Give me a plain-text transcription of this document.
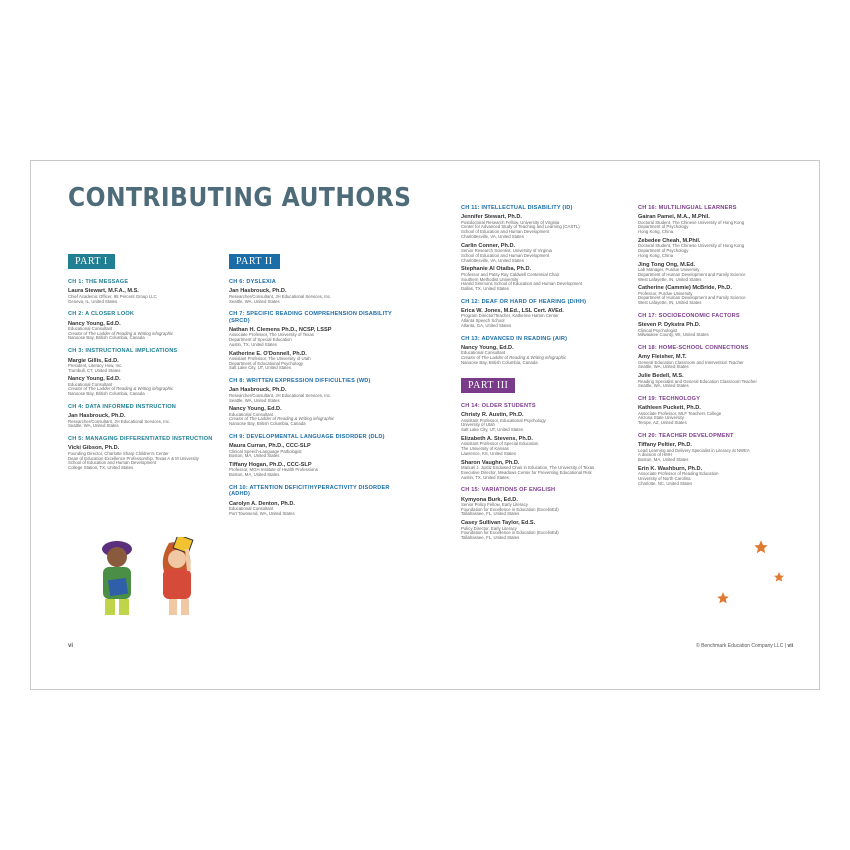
CONTRIBUTING AUTHORS
PART I
CH 1: THE MESSAGE
Laura Stewart, M.F.A., M.S.
Chief Academic Officer, 95 Percent Group LLC
Geneva, IL, United States
CH 2: A CLOSER LOOK
Nancy Young, Ed.D.
Educational Consultant
Creator of The Ladder of Reading & Writing infographic
Nanoose Bay, British Columbia, Canada
CH 3: INSTRUCTIONAL IMPLICATIONS
Margie Gillis, Ed.D.
President, Literacy How, Inc.
Trumbull, CT, United States
Nancy Young, Ed.D.
Educational Consultant
Creator of The Ladder of Reading & Writing infographic
Nanoose Bay, British Columbia, Canada
CH 4: DATA INFORMED INSTRUCTION
Jan Hasbrouck, Ph.D.
Researcher/Consultant, JH Educational Services, Inc.
Seattle, WA, United States
CH 5: MANAGING DIFFERENTIATED INSTRUCTION
Vicki Gibson, Ph.D.
Founding Director, Charlotte Sharp Children's Center
Dean of Education Excellence Professorship, Texas A & M University
School of Education and Human Development
College Station, TX, United States
PART II
CH 6: DYSLEXIA
Jan Hasbrouck, Ph.D.
Researcher/Consultant, JH Educational Services, Inc.
Seattle, WA, United States
CH 7: SPECIFIC READING COMPREHENSION DISABILITY (SRCD)
Nathan H. Clemens Ph.D., NCSP, LSSP
Associate Professor, The University of Texas
Department of Special Education
Austin, TX, United States
Katherine E. O'Donnell, Ph.D.
Assistant Professor, The University of Utah
Department of Educational Psychology
Salt Lake City, UT, United States
CH 8: WRITTEN EXPRESSION DIFFICULTIES (WD)
Jan Hasbrouck, Ph.D.
Researcher/Consultant, JH Educational Services, Inc.
Seattle, WA, United States
Nancy Young, Ed.D.
Educational Consultant
Creator of The Ladder of Reading & Writing infographic
Nanoose Bay, British Columbia, Canada
CH 9: DEVELOPMENTAL LANGUAGE DISORDER (DLD)
Maura Curran, Ph.D., CCC-SLP
Clinical Speech-Language Pathologist
Boston, MA, United States
Tiffany Hogan, Ph.D., CCC-SLP
Professor, MGH Institute of Health Professions
Boston, MA, United States
CH 10: ATTENTION DEFICIT/HYPERACTIVITY DISORDER (ADHD)
Carolyn A. Denton, Ph.D.
Educational Consultant
Port Townsend, WA, United States
CH 11: INTELLECTUAL DISABILITY (ID)
Jennifer Stewart, Ph.D.
Postdoctoral Research Fellow, University of Virginia
Center for Advanced Study of Teaching and Learning (CASTL)
School of Education and Human Development
Charlottesville, VA, United States
Carlin Conner, Ph.D.
Senior Research Scientist, University of Virginia
School of Education and Human Development
Charlottesville, VA, United States
Stephanie Al Otaiba, Ph.D.
Professor and Patsy Ray Caldwell Centennial Chair
Southern Methodist University
Harold Simmons School of Education and Human Development
Dallas, TX, United States
CH 12: DEAF OR HARD OF HEARING (D/HH)
Erica W. Jones, M.Ed., LSL Cert. AVEd.
Program Director/Teacher, Katherine Hamm Center
Atlanta Speech School
Atlanta, GA, United States
CH 13: ADVANCED IN READING (AIR)
Nancy Young, Ed.D.
Educational Consultant
Creator of The Ladder of Reading & Writing infographic
Nanoose Bay, British Columbia, Canada
PART III
CH 14: OLDER STUDENTS
Christy R. Austin, Ph.D.
Assistant Professor, Educational Psychology
University of Utah
Salt Lake City, UT, United States
Elizabeth A. Stevens, Ph.D.
Assistant Professor of Special Education
The University of Kansas
Lawrence, KS, United States
Sharon Vaughn, Ph.D.
Manuel J. Justiz Endowed Chair in Education, The University of Texas
Executive Director, Meadows Center for Preventing Educational Risk
Austin, TX, United States
CH 15: VARIATIONS OF ENGLISH
Kymyona Burk, Ed.D.
Senior Policy Fellow, Early Literacy
Foundation for Excellence in Education (ExcelinEd)
Tallahassee, FL, United States
Casey Sullivan Taylor, Ed.S.
Policy Director, Early Literacy
Foundation for Excellence in Education (ExcelinEd)
Tallahassee, FL, United States
CH 16: MULTILINGUAL LEARNERS
Gairan Pamei, M.A., M.Phil.
Doctoral Student, The Chinese University of Hong Kong
Department of Psychology
Hong Kong, China
Zebedee Cheah, M.Phil.
Doctoral Student, The Chinese University of Hong Kong
Department of Psychology
Hong Kong, China
Jing Tong Ong, M.Ed.
Lab Manager, Purdue University
Department of Human Development and Family Science
West Lafayette, IN, United States
Catherine (Cammie) McBride, Ph.D.
Professor, Purdue University
Department of Human Development and Family Science
West Lafayette, IN, United States
CH 17: SOCIOECONOMIC FACTORS
Steven P. Dykstra Ph.D.
Clinical Psychologist
Milwaukee County, WI, United States
CH 18: HOME-SCHOOL CONNECTIONS
Amy Fleisher, M.T.
General Education Classroom and Intervention Teacher
Seattle, WA, United States
Julie Bedell, M.S.
Reading Specialist and General Education Classroom Teacher
Seattle, WA, United States
CH 19: TECHNOLOGY
Kathleen Puckett, Ph.D.
Associate Professor, MLF Teachers College
Arizona State University
Tempe, AZ, United States
CH 20: TEACHER DEVELOPMENT
Tiffany Peltier, Ph.D.
Lead Learning and Delivery Specialist in Literacy at NWEA
A division of HMH
Boston, MA, United States
Erin K. Washburn, Ph.D.
Associate Professor of Reading Education
University of North Carolina
Charlotte, NC, United States
vi	© Benchmark Education Company LLC | vii
